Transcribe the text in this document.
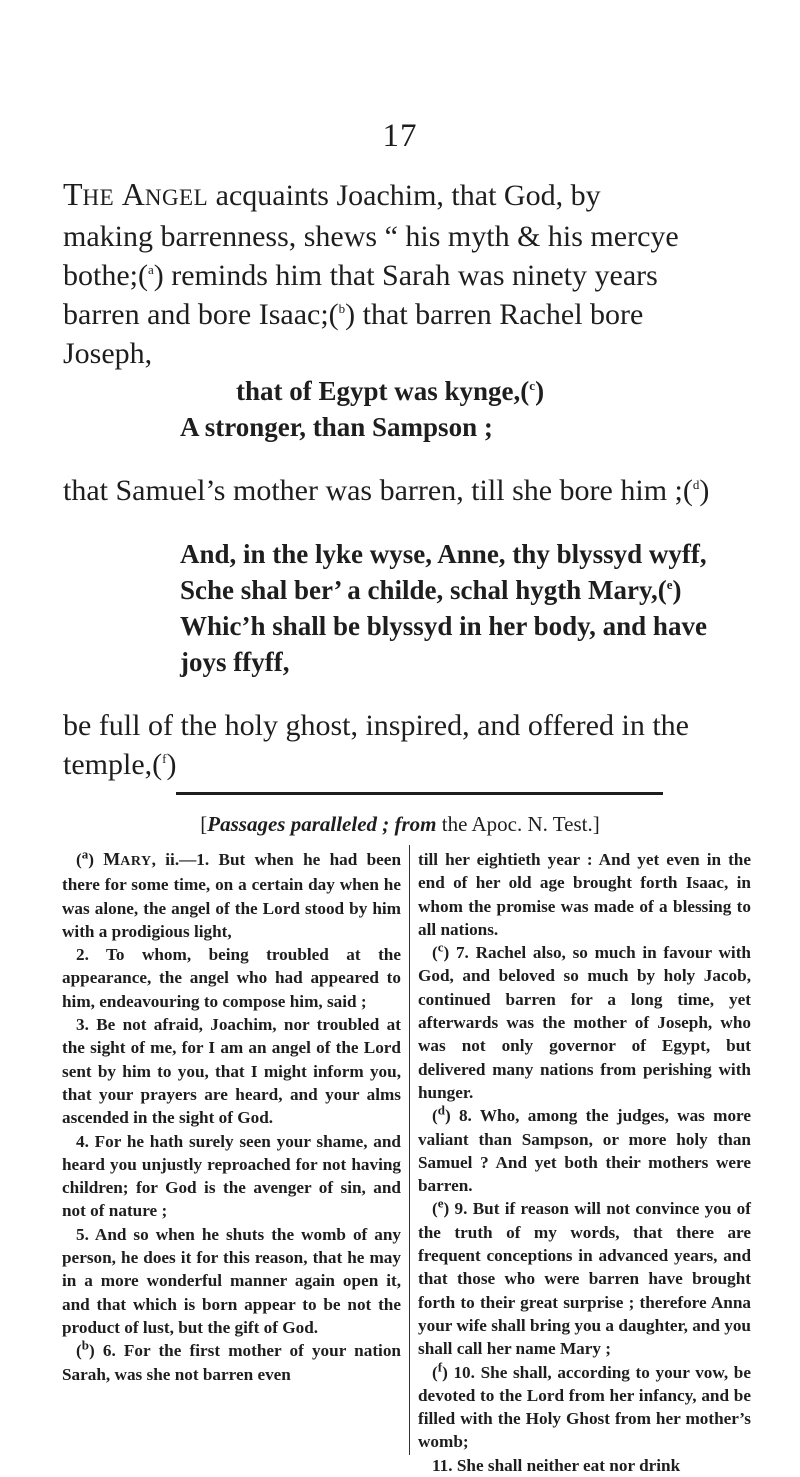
17

THE ANGEL acquaints Joachim, that God, by

making barrenness, shews “ his myth & his mercye

bothe;($^a$) reminds him that Sarah was ninety years

barren and bore Isaac;($^b$) that barren Rachel bore

Joseph,

that of Egypt was kynge,($^c$)

A stronger, than Sampson ;

that Samuel’s mother was barren, till she bore him ;($^d$)

And, in the lyke wyse, Anne, thy blyssyd wyff,

Sche shal ber’ a childe, schal hygth Mary,($^e$)

Whic’h shall be blyssyd in her body, and have joys ffyff,

be full of the holy ghost, inspired, and offered in the

temple,($^f$)

[Passages paralleled ; from the Apoc. N. Test.]

($^a$) MARY, ii.—1. But when he had been there for some time, on a certain day when he was alone, the angel of the Lord stood by him with a prodigious light,

2. To whom, being troubled at the appearance, the angel who had appeared to him, endeavouring to compose him, said ;

3. Be not afraid, Joachim, nor troubled at the sight of me, for I am an angel of the Lord sent by him to you, that I might inform you, that your prayers are heard, and your alms ascended in the sight of God.

4. For he hath surely seen your shame, and heard you unjustly reproached for not having children; for God is the avenger of sin, and not of nature ;

5. And so when he shuts the womb of any person, he does it for this reason, that he may in a more wonderful manner again open it, and that which is born appear to be not the product of lust, but the gift of God.

($^b$) 6. For the first mother of your nation Sarah, was she not barren even

till her eightieth year : And yet even in the end of her old age brought forth Isaac, in whom the promise was made of a blessing to all nations.

($^c$) 7. Rachel also, so much in favour with God, and beloved so much by holy Jacob, continued barren for a long time, yet afterwards was the mother of Joseph, who was not only governor of Egypt, but delivered many nations from perishing with hunger.

($^d$) 8. Who, among the judges, was more valiant than Sampson, or more holy than Samuel ? And yet both their mothers were barren.

($^e$) 9. But if reason will not convince you of the truth of my words, that there are frequent conceptions in advanced years, and that those who were barren have brought forth to their great surprise ; therefore Anna your wife shall bring you a daughter, and you shall call her name Mary ;

($^f$) 10. She shall, according to your vow, be devoted to the Lord from her infancy, and be filled with the Holy Ghost from her mother’s womb;

11. She shall neither eat nor drink
